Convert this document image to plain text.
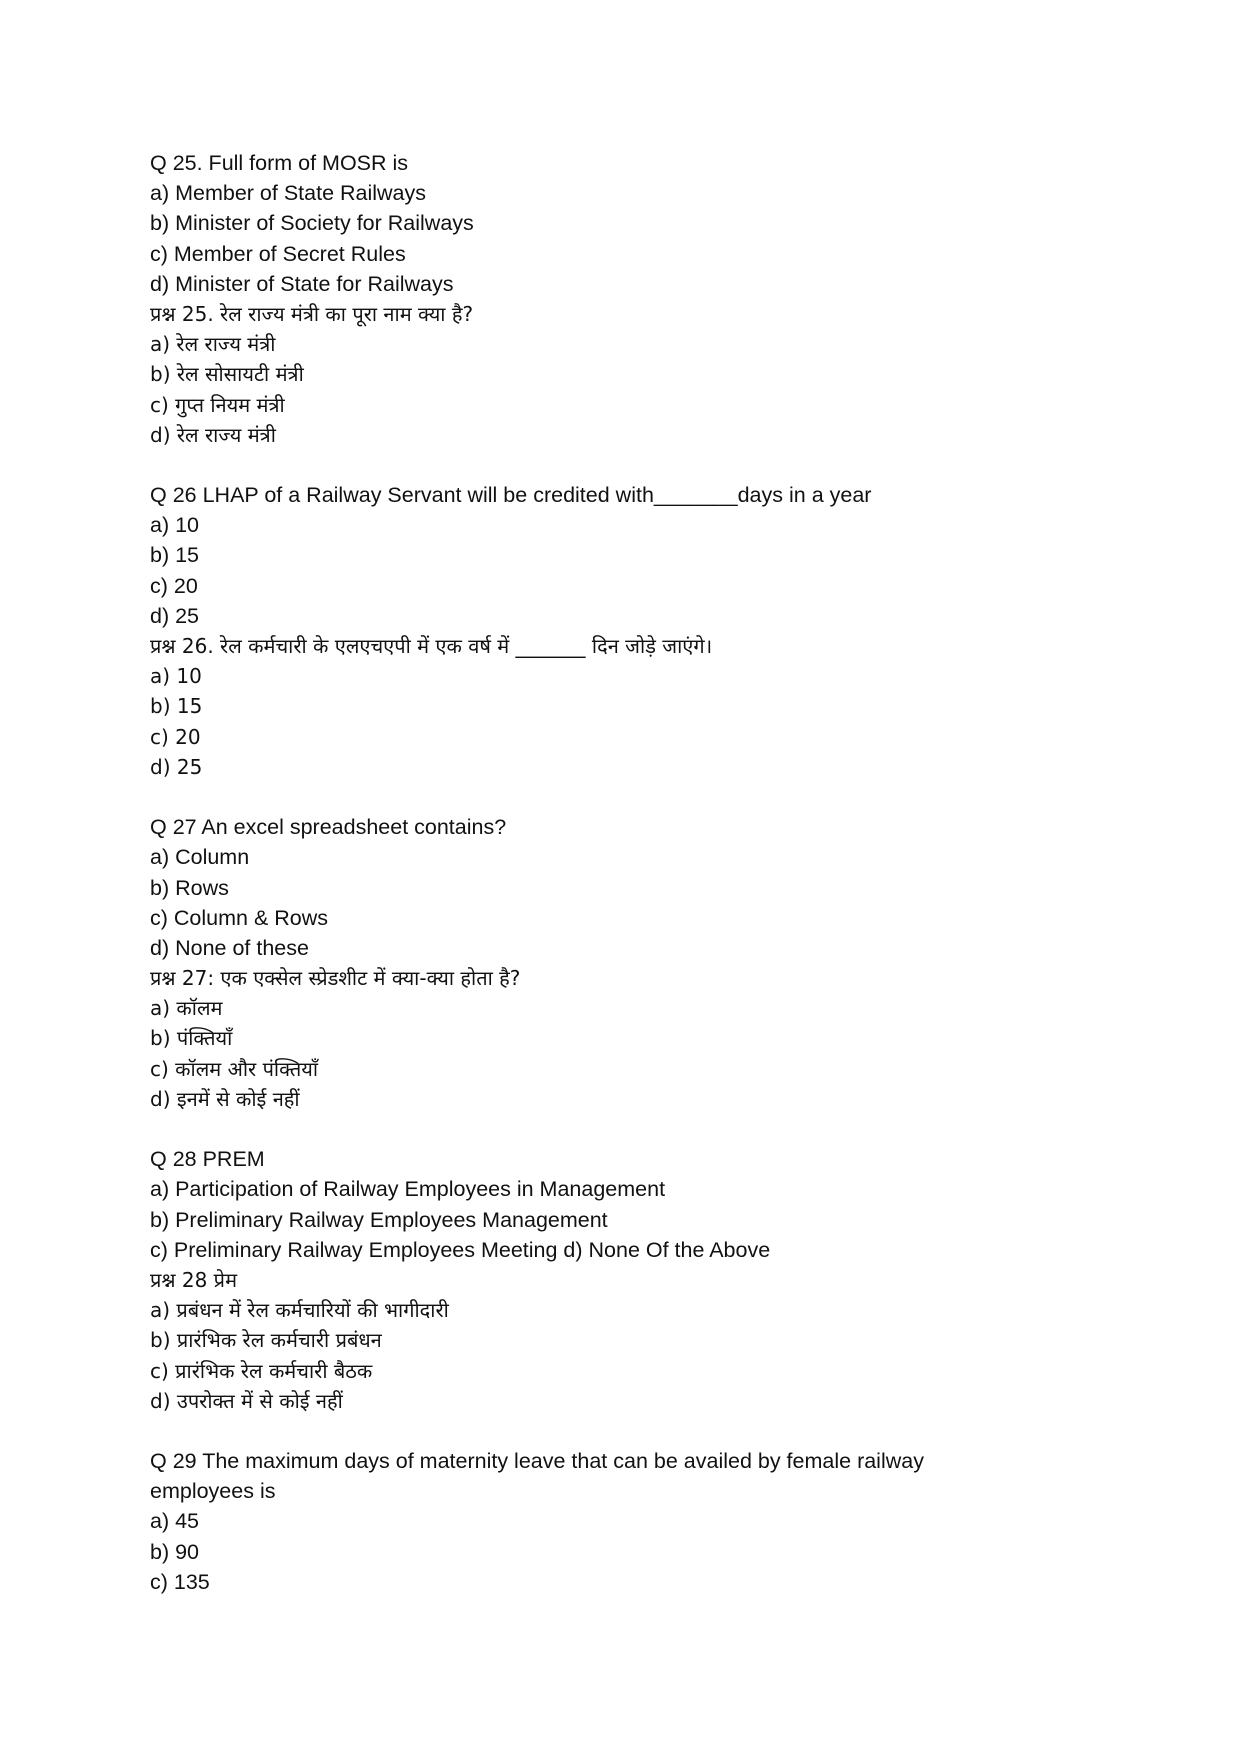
Q 25. Full form of MOSR is
a) Member of State Railways
b) Minister of Society for Railways
c) Member of Secret Rules
d) Minister of State for Railways
प्रश्न 25. रेल राज्य मंत्री का पूरा नाम क्या है?
a) रेल राज्य मंत्री
b) रेल सोसायटी मंत्री
c) गुप्त नियम मंत्री
d) रेल राज्य मंत्री
Q 26 LHAP of a Railway Servant will be credited with_______days in a year
a) 10
b) 15
c) 20
d) 25
प्रश्न 26. रेल कर्मचारी के एलएचएपी में एक वर्ष में _______ दिन जोड़े जाएंगे।
a) 10
b) 15
c) 20
d) 25
Q 27 An excel spreadsheet contains?
a) Column
b) Rows
c) Column & Rows
d) None of these
प्रश्न 27: एक एक्सेल स्प्रेडशीट में क्या-क्या होता है?
a) कॉलम
b) पंक्तियाँ
c) कॉलम और पंक्तियाँ
d) इनमें से कोई नहीं
Q 28 PREM
a) Participation of Railway Employees in Management
b) Preliminary Railway Employees Management
c) Preliminary Railway Employees Meeting d) None Of the Above
प्रश्न 28 प्रेम
a) प्रबंधन में रेल कर्मचारियों की भागीदारी
b) प्रारंभिक रेल कर्मचारी प्रबंधन
c) प्रारंभिक रेल कर्मचारी बैठक
d) उपरोक्त में से कोई नहीं
Q 29 The maximum days of maternity leave that can be availed by female railway employees is
a) 45
b) 90
c) 135
